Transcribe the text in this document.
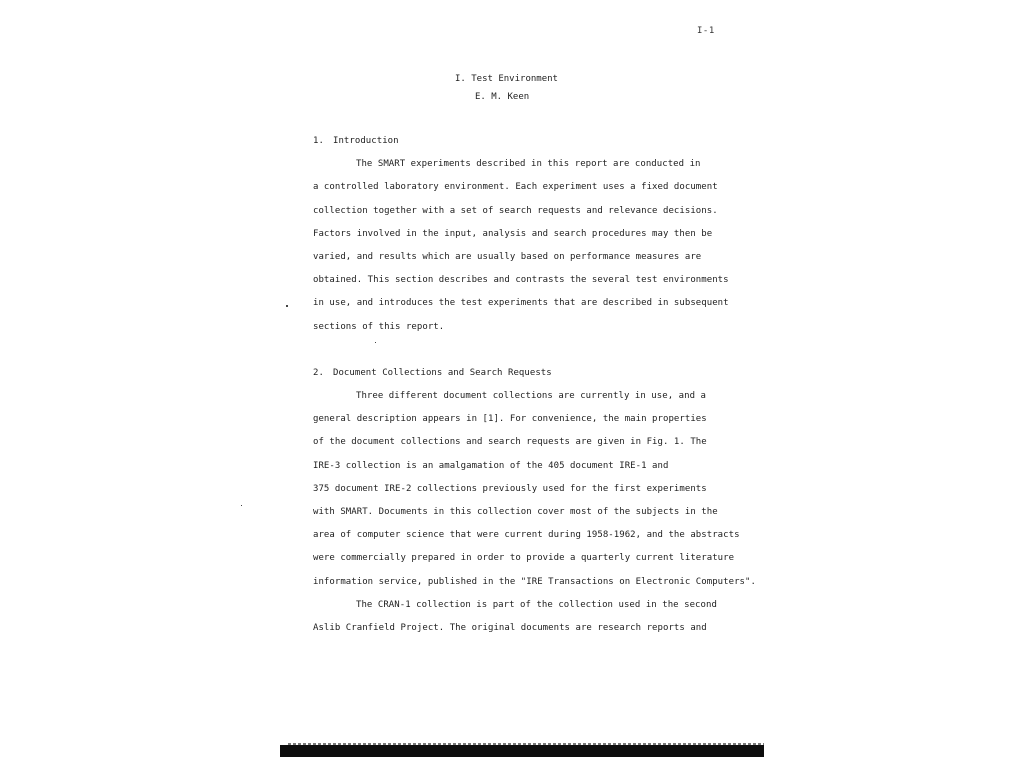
I-1
I. Test Environment
E. M. Keen
1. Introduction
The SMART experiments described in this report are conducted in
a controlled laboratory environment. Each experiment uses a fixed document
collection together with a set of search requests and relevance decisions.
Factors involved in the input, analysis and search procedures may then be
varied, and results which are usually based on performance measures are
obtained. This section describes and contrasts the several test environments
in use, and introduces the test experiments that are described in subsequent
sections of this report.
2. Document Collections and Search Requests
Three different document collections are currently in use, and a
general description appears in [1]. For convenience, the main properties
of the document collections and search requests are given in Fig. 1. The
IRE-3 collection is an amalgamation of the 405 document IRE-1 and
375 document IRE-2 collections previously used for the first experiments
with SMART. Documents in this collection cover most of the subjects in the
area of computer science that were current during 1958-1962, and the abstracts
were commercially prepared in order to provide a quarterly current literature
information service, published in the "IRE Transactions on Electronic Computers".
The CRAN-1 collection is part of the collection used in the second
Aslib Cranfield Project. The original documents are research reports and
